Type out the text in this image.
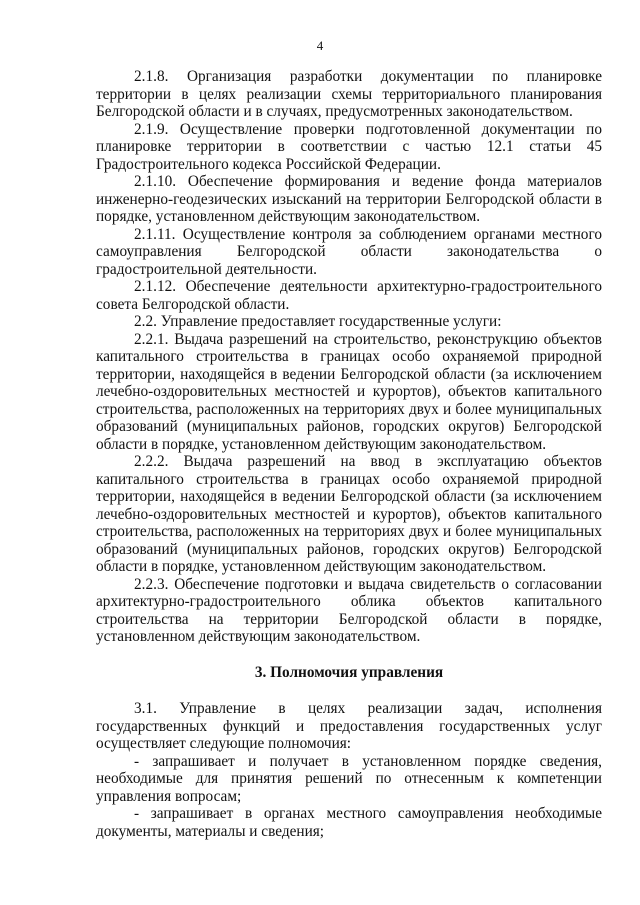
4

2.1.8. Организация разработки документации по планировке территории в целях реализации схемы территориального планирования Белгородской области и в случаях, предусмотренных законодательством.

2.1.9. Осуществление проверки подготовленной документации по планировке территории в соответствии с частью 12.1 статьи 45 Градостроительного кодекса Российской Федерации.

2.1.10. Обеспечение формирования и ведение фонда материалов инженерно-геодезических изысканий на территории Белгородской области в порядке, установленном действующим законодательством.

2.1.11. Осуществление контроля за соблюдением органами местного самоуправления Белгородской области законодательства о градостроительной деятельности.

2.1.12. Обеспечение деятельности архитектурно-градостроительного совета Белгородской области.

2.2. Управление предоставляет государственные услуги:

2.2.1. Выдача разрешений на строительство, реконструкцию объектов капитального строительства в границах особо охраняемой природной территории, находящейся в ведении Белгородской области (за исключением лечебно-оздоровительных местностей и курортов), объектов капитального строительства, расположенных на территориях двух и более муниципальных образований (муниципальных районов, городских округов) Белгородской области в порядке, установленном действующим законодательством.

2.2.2. Выдача разрешений на ввод в эксплуатацию объектов капитального строительства в границах особо охраняемой природной территории, находящейся в ведении Белгородской области (за исключением лечебно-оздоровительных местностей и курортов), объектов капитального строительства, расположенных на территориях двух и более муниципальных образований (муниципальных районов, городских округов) Белгородской области в порядке, установленном действующим законодательством.

2.2.3. Обеспечение подготовки и выдача свидетельств о согласовании архитектурно-градостроительного облика объектов капитального строительства на территории Белгородской области в порядке, установленном действующим законодательством.

3. Полномочия управления

3.1. Управление в целях реализации задач, исполнения государственных функций и предоставления государственных услуг осуществляет следующие полномочия:

- запрашивает и получает в установленном порядке сведения, необходимые для принятия решений по отнесенным к компетенции управления вопросам;

- запрашивает в органах местного самоуправления необходимые документы, материалы и сведения;
